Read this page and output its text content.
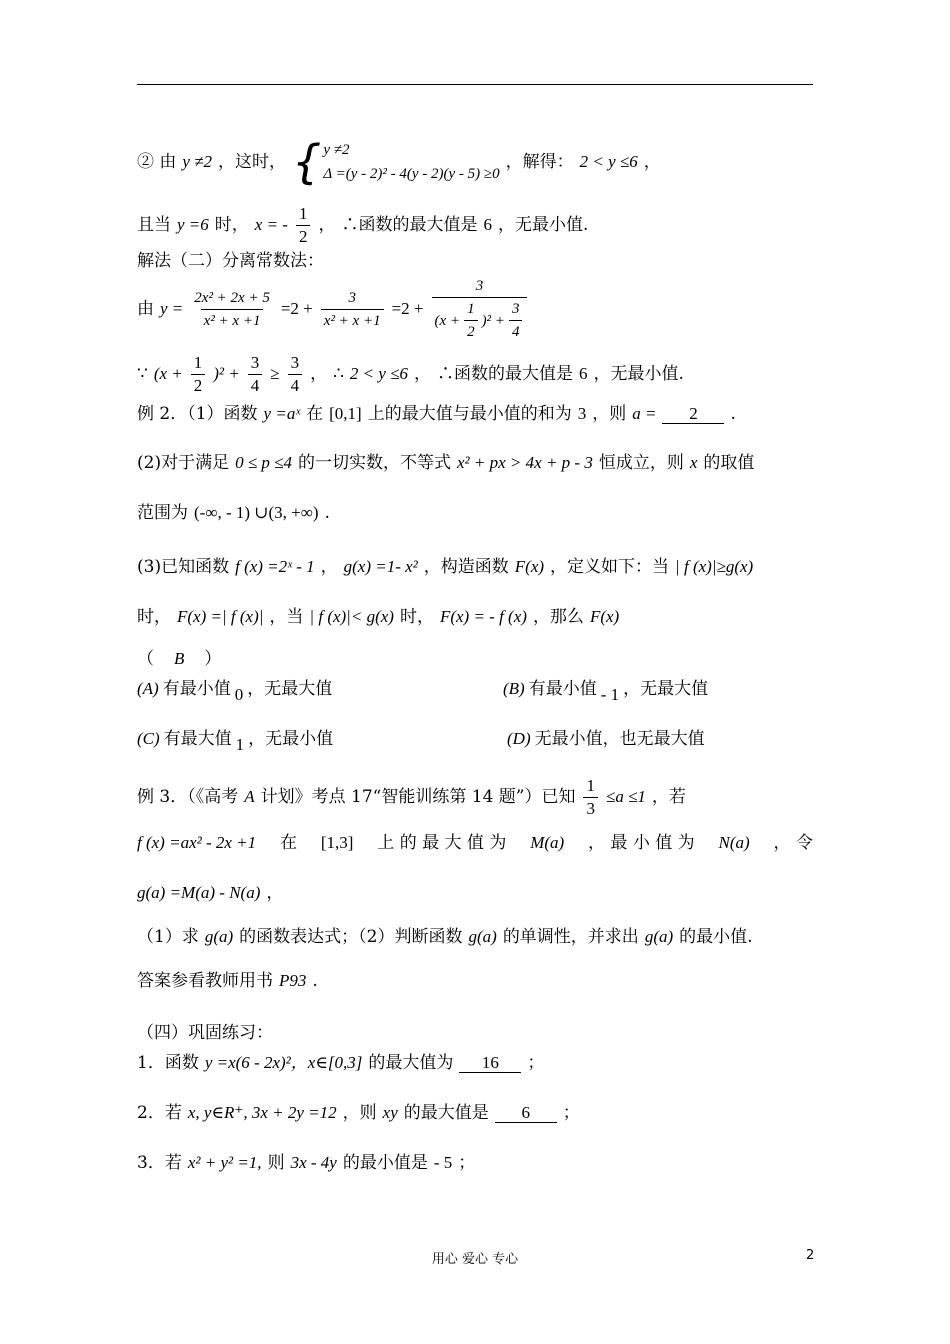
② 由 y ≠2 ，这时， { y ≠2
Δ =(y - 2)² - 4(y - 2)(y - 5) ≥0
，解得： 2 < y ≤6 ，
且当 y =6 时， x = - $\frac{1}{2}$ ， ∴函数的最大值是 6 ，无最小值.
解法（二）分离常数法：
由 $y = \frac{\text{2x² + 2x + 5}}{\text{x² + x +1}} =2 + \frac{3}{\text{x² + x +1}} =2 + \frac{3}{(x + \frac{1}{2} )^2 + \frac{3}{4}}$
∵ $(x + \frac{1}{2} )^2 + \frac{3}{4} \ge \frac{3}{4}$ ， ∴ 2 < y ≤6 ， ∴函数的最大值是 6 ，无最小值.
例 2．（1）函数 y =aˣ 在 [0,1] 上的最大值与最小值的和为 3 ，则 a =	2	.
(2)对于满足 0 ≤ p ≤4 的一切实数，不等式 x² + px > 4x + p - 3 恒成立，则 x 的取值
范围为 (-∞, - 1) ∪(3, +∞) .
(3)已知函数 f (x) =2ˣ - 1 ， g(x) =1- x² ，构造函数 F(x) ，定义如下：当 | f (x)|≥g(x)
时， F(x) =| f (x)| ，当 | f (x)|< g(x) 时， F(x) = - f (x) ，那么 F(x)
（ B ）
(A) 有最小值 0 ，无最大值	(B) 有最小值 - 1 ，无最大值
(C) 有最大值 1 ，无最小值	(D) 无最小值，也无最大值
例 3．（《高考 A 计划》考点 17“智能训练第 14 题”）已知 $\frac{1}{3} \le a \le 1$ ，若
f (x) =ax² - 2x +1 在 [1,3] 上 的 最 大 值 为 M(a) ， 最 小 值 为 N(a) ， 令
g(a) =M(a) - N(a) ，
（1）求 g(a) 的函数表达式；（2）判断函数 g(a) 的单调性，并求出 g(a) 的最小值.
答案参看教师用书 P93 .
（四）巩固练习：
1．函数 y =x(6 - 2x)²，x∈[0,3] 的最大值为	16	；
2．若 x, y∈R⁺, 3x + 2y =12 ，则 xy 的最大值是	6	；
3．若 x² + y² =1, 则 3x - 4y 的最小值是 - 5 ；
用心 爱心 专心	2
